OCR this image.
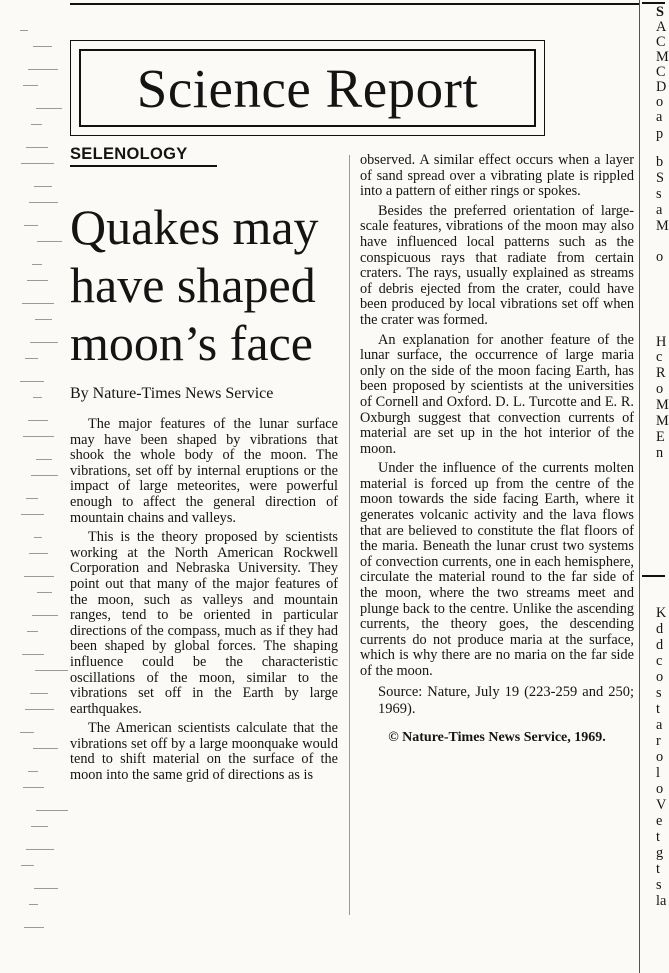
Science Report
SELENOLOGY
Quakes may
have shaped
moon’s face
By Nature-Times News Service

The major features of the lunar surface may have been shaped by vibrations that shook the whole body of the moon. The vibrations, set off by internal eruptions or the impact of large meteorites, were powerful enough to affect the general direction of mountain chains and valleys.

This is the theory proposed by scientists working at the North American Rockwell Corporation and Nebraska University. They point out that many of the major features of the moon, such as valleys and mountain ranges, tend to be oriented in particular directions of the compass, much as if they had been shaped by global forces. The shaping influence could be the characteristic oscillations of the moon, similar to the vibrations set off in the Earth by large earthquakes.

The American scientists calculate that the vibrations set off by a large moonquake would tend to shift material on the surface of the moon into the same grid of directions as is

observed. A similar effect occurs when a layer of sand spread over a vibrating plate is rippled into a pattern of either rings or spokes.

Besides the preferred orientation of large-scale features, vibrations of the moon may also have influenced local patterns such as the conspicuous rays that radiate from certain craters. The rays, usually explained as streams of debris ejected from the crater, could have been produced by local vibrations set off when the crater was formed.

An explanation for another feature of the lunar surface, the occurrence of large maria only on the side of the moon facing Earth, has been proposed by scientists at the universities of Cornell and Oxford. D. L. Turcotte and E. R. Oxburgh suggest that convection currents of material are set up in the hot interior of the moon.

Under the influence of the currents molten material is forced up from the centre of the moon towards the side facing Earth, where it generates volcanic activity and the lava flows that are believed to constitute the flat floors of the maria. Beneath the lunar crust two systems of convection currents, one in each hemisphere, circulate the material round to the far side of the moon, where the two streams meet and plunge back to the centre. Unlike the ascending currents, the theory goes, the descending currents do not produce maria at the surface, which is why there are no maria on the far side of the moon.

Source: Nature, July 19 (223-259 and 250; 1969).

© Nature-Times News Service, 1969.
S
A
C
M
C
D
o
a
p
b
S
s
a
M
o
H
c
R
o
M
M
E
n
K
d
d
c
o
s
t
a
r
o
l
o
V
e
t
g
t
s
la
